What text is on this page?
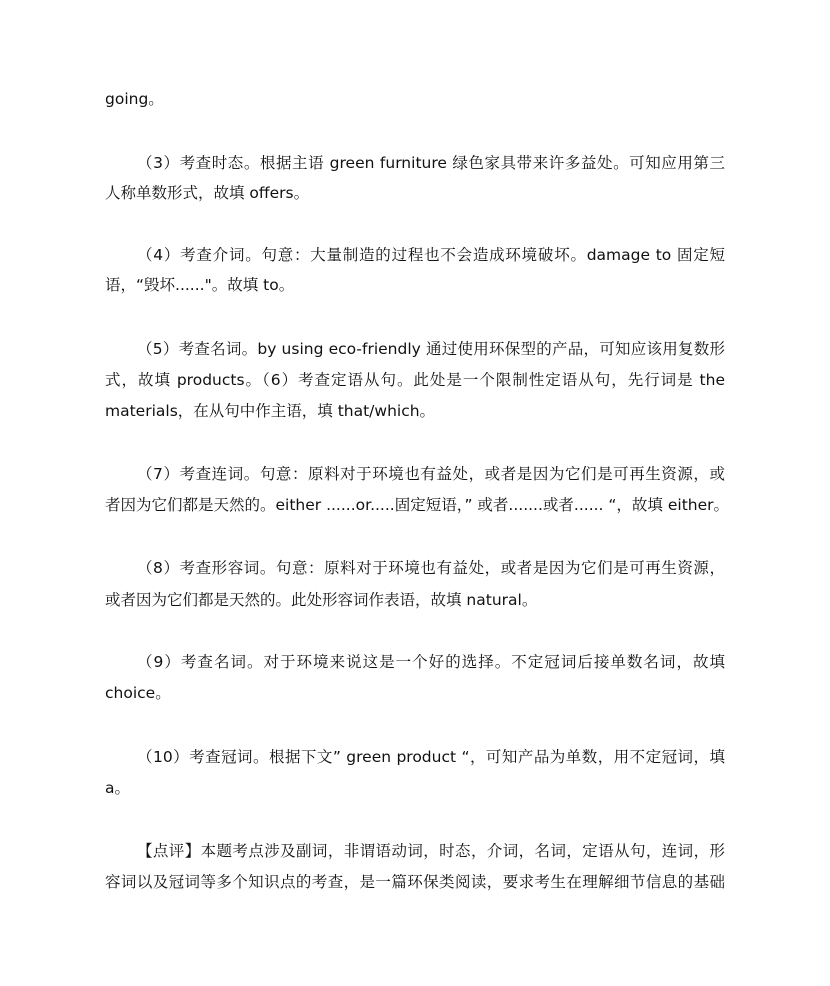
going。
（3）考查时态。根据主语 green furniture 绿色家具带来许多益处。可知应用第三
人称单数形式，故填 offers。
（4）考查介词。句意：大量制造的过程也不会造成环境破坏。damage to 固定短
语，“毁坏......"。故填 to。
（5）考查名词。by using eco-friendly 通过使用环保型的产品，可知应该用复数形
式，故填 products。（6）考查定语从句。此处是一个限制性定语从句，先行词是 the
materials，在从句中作主语，填 that/which。
（7）考查连词。句意：原料对于环境也有益处，或者是因为它们是可再生资源，或
者因为它们都是天然的。either ......or.....固定短语，” 或者.......或者...... “，故填 either。
（8）考查形容词。句意：原料对于环境也有益处，或者是因为它们是可再生资源，
或者因为它们都是天然的。此处形容词作表语，故填 natural。
（9）考查名词。对于环境来说这是一个好的选择。不定冠词后接单数名词，故填
choice。
（10）考查冠词。根据下文” green product “，可知产品为单数，用不定冠词，填
a。
【点评】本题考点涉及副词，非谓语动词，时态，介词，名词，定语从句，连词，形
容词以及冠词等多个知识点的考查，是一篇环保类阅读，要求考生在理解细节信息的基础
